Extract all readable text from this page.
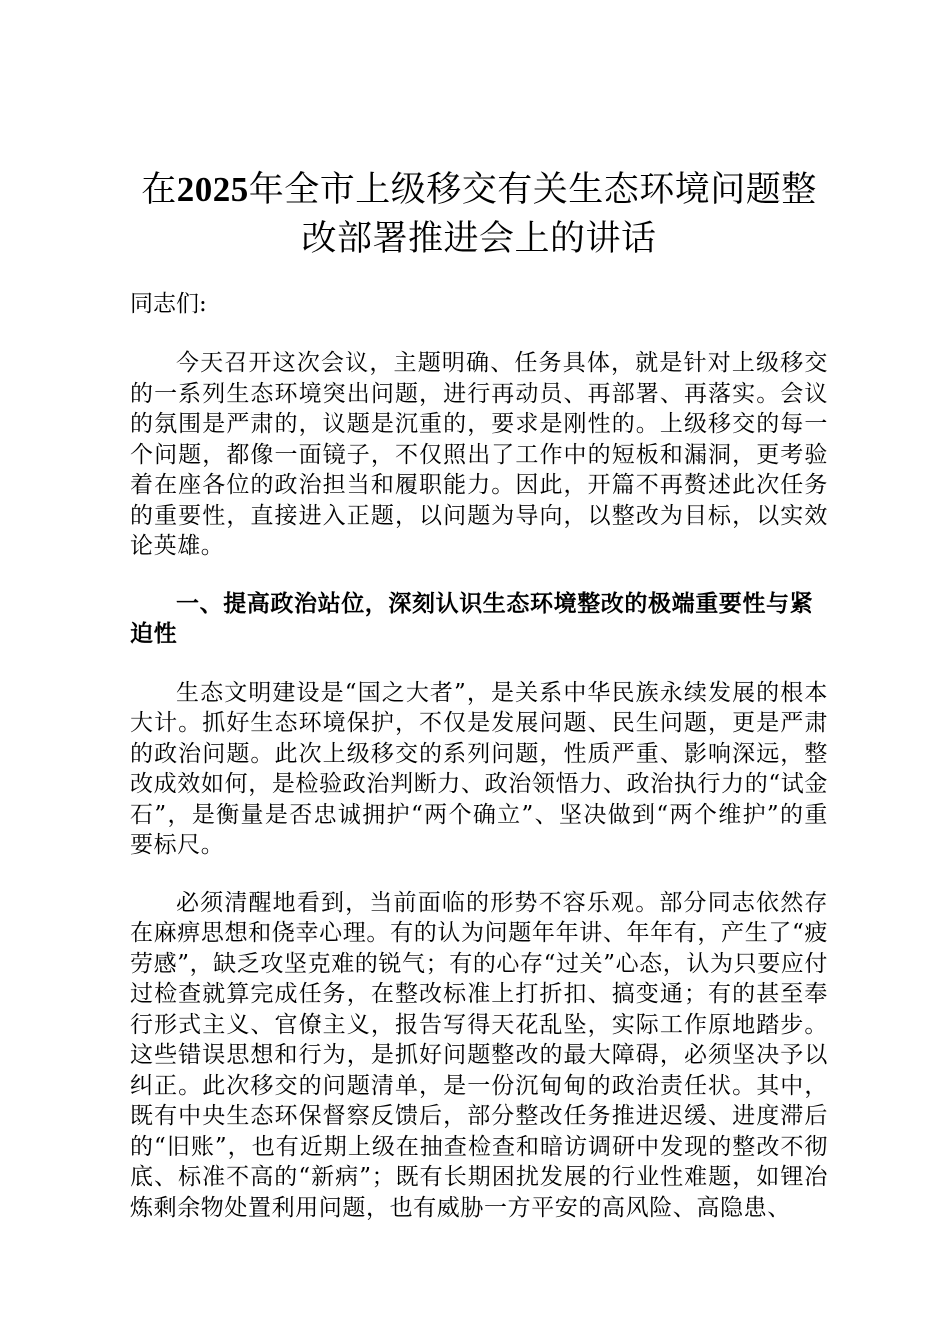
在2025年全市上级移交有关生态环境问题整
改部署推进会上的讲话

同志们:

今天召开这次会议，主题明确、任务具体，就是针对上级移交的一系列生态环境突出问题，进行再动员、再部署、再落实。会议的氛围是严肃的，议题是沉重的，要求是刚性的。上级移交的每一个问题，都像一面镜子，不仅照出了工作中的短板和漏洞，更考验着在座各位的政治担当和履职能力。因此，开篇不再赘述此次任务的重要性，直接进入正题，以问题为导向，以整改为目标，以实效论英雄。

一、提高政治站位，深刻认识生态环境整改的极端重要性与紧迫性

生态文明建设是“国之大者”，是关系中华民族永续发展的根本大计。抓好生态环境保护，不仅是发展问题、民生问题，更是严肃的政治问题。此次上级移交的系列问题，性质严重、影响深远，整改成效如何，是检验政治判断力、政治领悟力、政治执行力的“试金石”，是衡量是否忠诚拥护“两个确立”、坚决做到“两个维护”的重要标尺。

必须清醒地看到，当前面临的形势不容乐观。部分同志依然存在麻痹思想和侥幸心理。有的认为问题年年讲、年年有，产生了“疲劳感”，缺乏攻坚克难的锐气；有的心存“过关”心态，认为只要应付过检查就算完成任务，在整改标准上打折扣、搞变通；有的甚至奉行形式主义、官僚主义，报告写得天花乱坠，实际工作原地踏步。这些错误思想和行为，是抓好问题整改的最大障碍，必须坚决予以纠正。此次移交的问题清单，是一份沉甸甸的政治责任状。其中，既有中央生态环保督察反馈后，部分整改任务推进迟缓、进度滞后的“旧账”，也有近期上级在抽查检查和暗访调研中发现的整改不彻底、标准不高的“新病”；既有长期困扰发展的行业性难题，如锂冶炼剩余物处置利用问题，也有威胁一方平安的高风险、高隐患、
